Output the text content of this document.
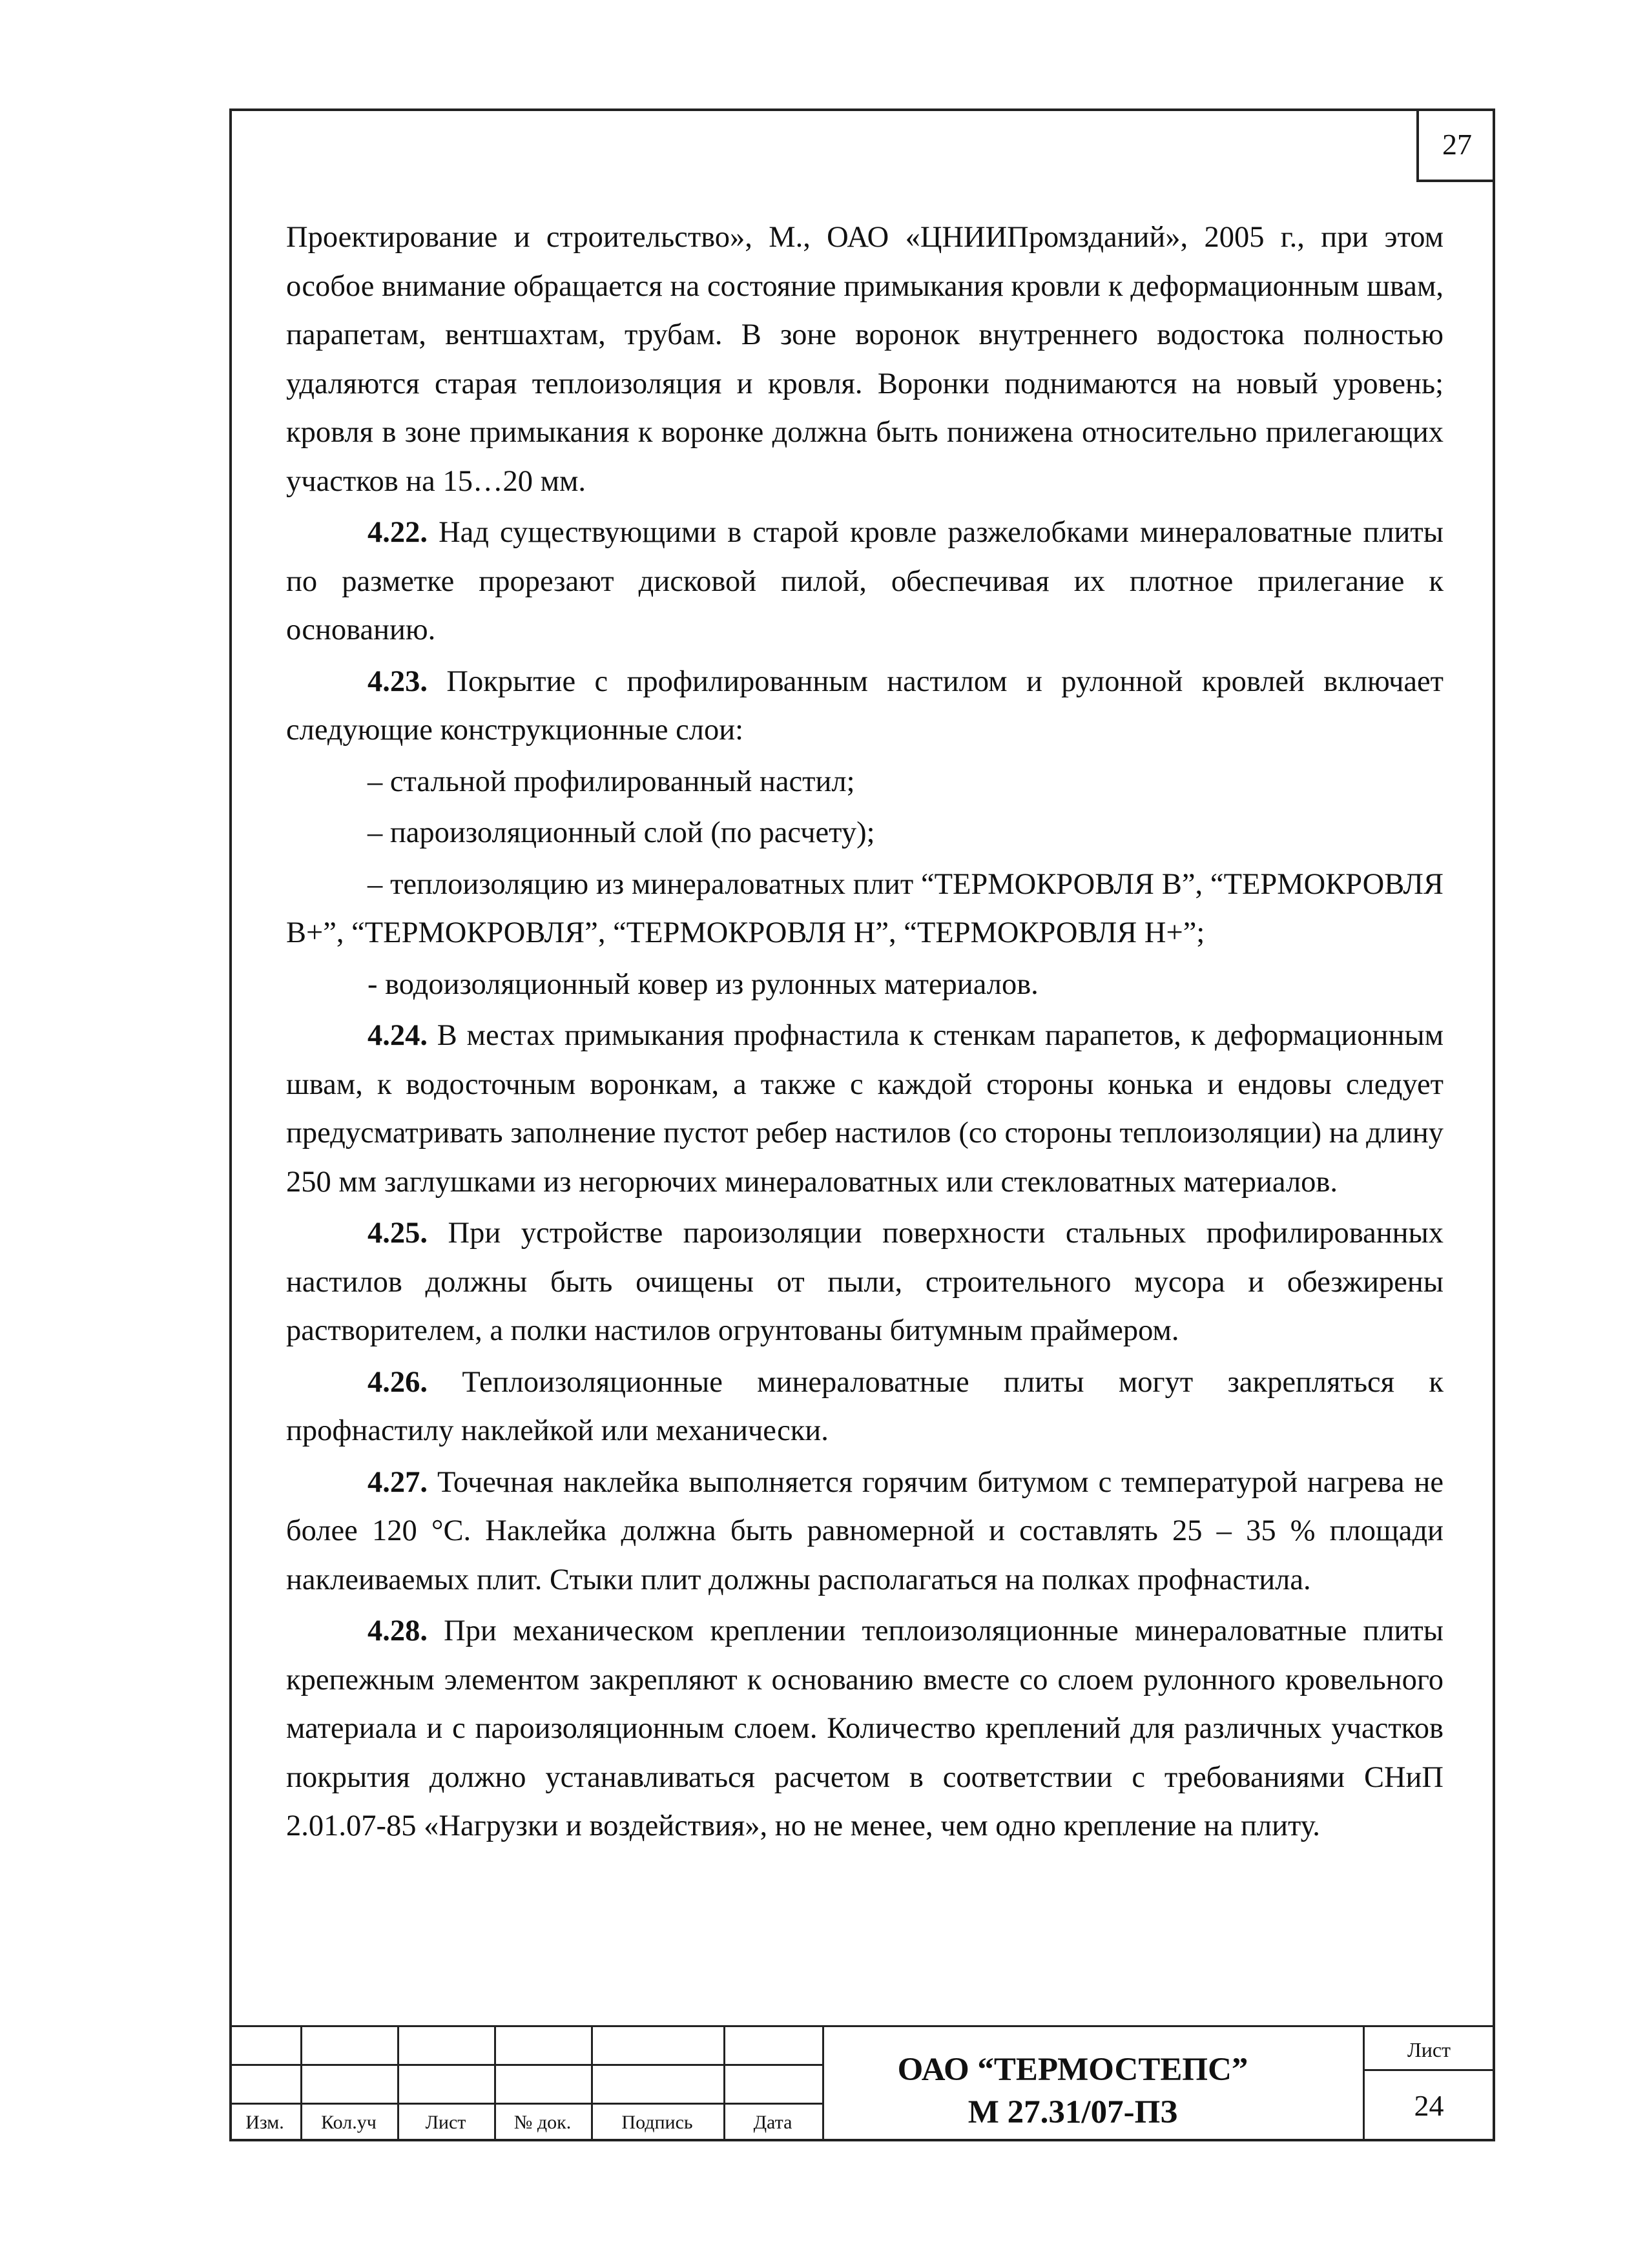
27

Проектирование и строительство», М., ОАО «ЦНИИПромзданий», 2005 г., при этом особое внимание обращается на состояние примыкания кровли к деформационным швам, парапетам, вентшахтам, трубам. В зоне воронок внутреннего водостока полностью удаляются старая теплоизоляция и кровля. Воронки поднимаются на новый уровень; кровля в зоне примыкания к воронке должна быть понижена относительно прилегающих участков на 15…20 мм.

4.22. Над существующими в старой кровле разжелобками минераловатные плиты по разметке прорезают дисковой пилой, обеспечивая их плотное прилегание к основанию.

4.23. Покрытие с профилированным настилом и рулонной кровлей включает следующие конструкционные слои:

– стальной профилированный настил;

– пароизоляционный слой (по расчету);

– теплоизоляцию из минераловатных плит “ТЕРМОКРОВЛЯ В”, “ТЕРМОКРОВЛЯ В+”, “ТЕРМОКРОВЛЯ”, “ТЕРМОКРОВЛЯ Н”, “ТЕРМОКРОВЛЯ Н+”;

- водоизоляционный ковер из рулонных материалов.

4.24. В местах примыкания профнастила к стенкам парапетов, к деформационным швам, к водосточным воронкам, а также с каждой стороны конька и ендовы следует предусматривать заполнение пустот ребер настилов (со стороны теплоизоляции) на длину 250 мм заглушками из негорючих минераловатных или стекловатных материалов.

4.25. При устройстве пароизоляции поверхности стальных профилированных настилов должны быть очищены от пыли, строительного мусора и обезжирены растворителем, а полки настилов огрунтованы битумным праймером.

4.26. Теплоизоляционные минераловатные плиты могут закрепляться к профнастилу наклейкой или механически.

4.27. Точечная наклейка выполняется горячим битумом с температурой нагрева не более 120 °С. Наклейка должна быть равномерной и составлять 25 – 35 % площади наклеиваемых плит. Стыки плит должны располагаться на полках профнастила.

4.28. При механическом креплении теплоизоляционные минераловатные плиты крепежным элементом закрепляют к основанию вместе со слоем рулонного кровельного материала и с пароизоляционным слоем. Количество креплений для различных участков покрытия должно устанавливаться расчетом в соответствии с требованиями СНиП 2.01.07-85 «Нагрузки и воздействия», но не менее, чем одно крепление на плиту.

Изм.	Кол.уч	Лист	№ док.	Подпись	Дата
ОАО “ТЕРМОСТЕПС”
М 27.31/07-ПЗ
Лист
24
